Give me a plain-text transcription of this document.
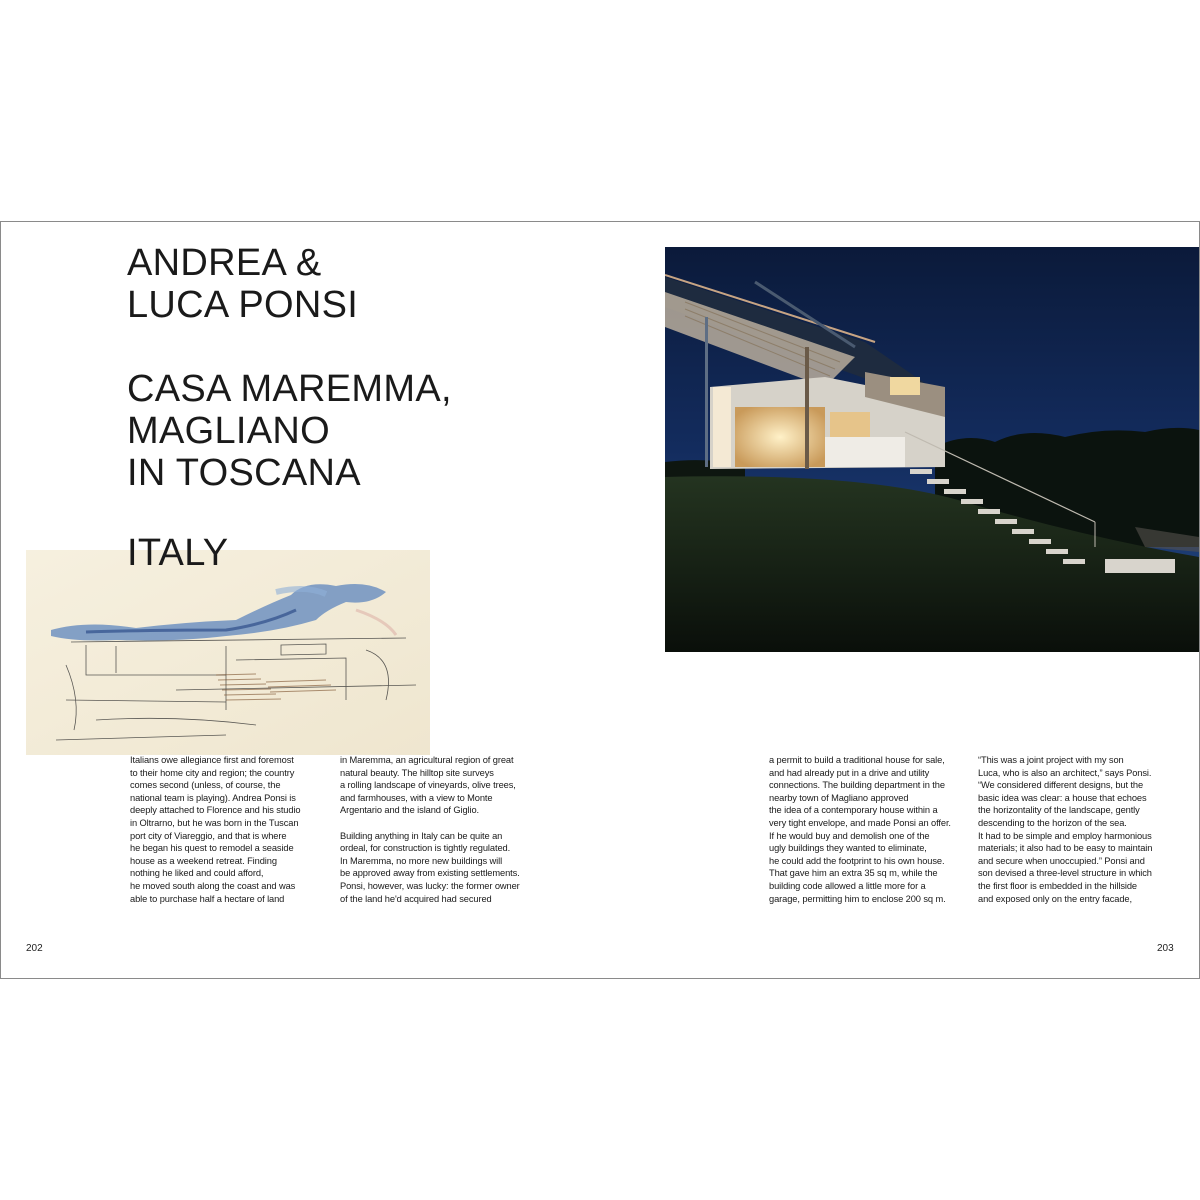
ANDREA &
LUCA PONSI
CASA MAREMMA,
MAGLIANO
IN TOSCANA
ITALY

Italians owe allegiance first and foremost

to their home city and region; the country

comes second (unless, of course, the

national team is playing). Andrea Ponsi is

deeply attached to Florence and his studio

in Oltrarno, but he was born in the Tuscan

port city of Viareggio, and that is where

he began his quest to remodel a seaside

house as a weekend retreat. Finding

nothing he liked and could afford,

he moved south along the coast and was

able to purchase half a hectare of land

in Maremma, an agricultural region of great

natural beauty. The hilltop site surveys

a rolling landscape of vineyards, olive trees,

and farmhouses, with a view to Monte

Argentario and the island of Giglio.

Building anything in Italy can be quite an

ordeal, for construction is tightly regulated.

In Maremma, no more new buildings will

be approved away from existing settlements.

Ponsi, however, was lucky: the former owner

of the land he'd acquired had secured

a permit to build a traditional house for sale,

and had already put in a drive and utility

connections. The building department in the

nearby town of Magliano approved

the idea of a contemporary house within a

very tight envelope, and made Ponsi an offer.

If he would buy and demolish one of the

ugly buildings they wanted to eliminate,

he could add the footprint to his own house.

That gave him an extra 35 sq m, while the

building code allowed a little more for a

garage, permitting him to enclose 200 sq m.

“This was a joint project with my son

Luca, who is also an architect,” says Ponsi.

“We considered different designs, but the

basic idea was clear: a house that echoes

the horizontality of the landscape, gently

descending to the horizon of the sea.

It had to be simple and employ harmonious

materials; it also had to be easy to maintain

and secure when unoccupied.” Ponsi and

son devised a three-level structure in which

the first floor is embedded in the hillside

and exposed only on the entry facade,

202	203
